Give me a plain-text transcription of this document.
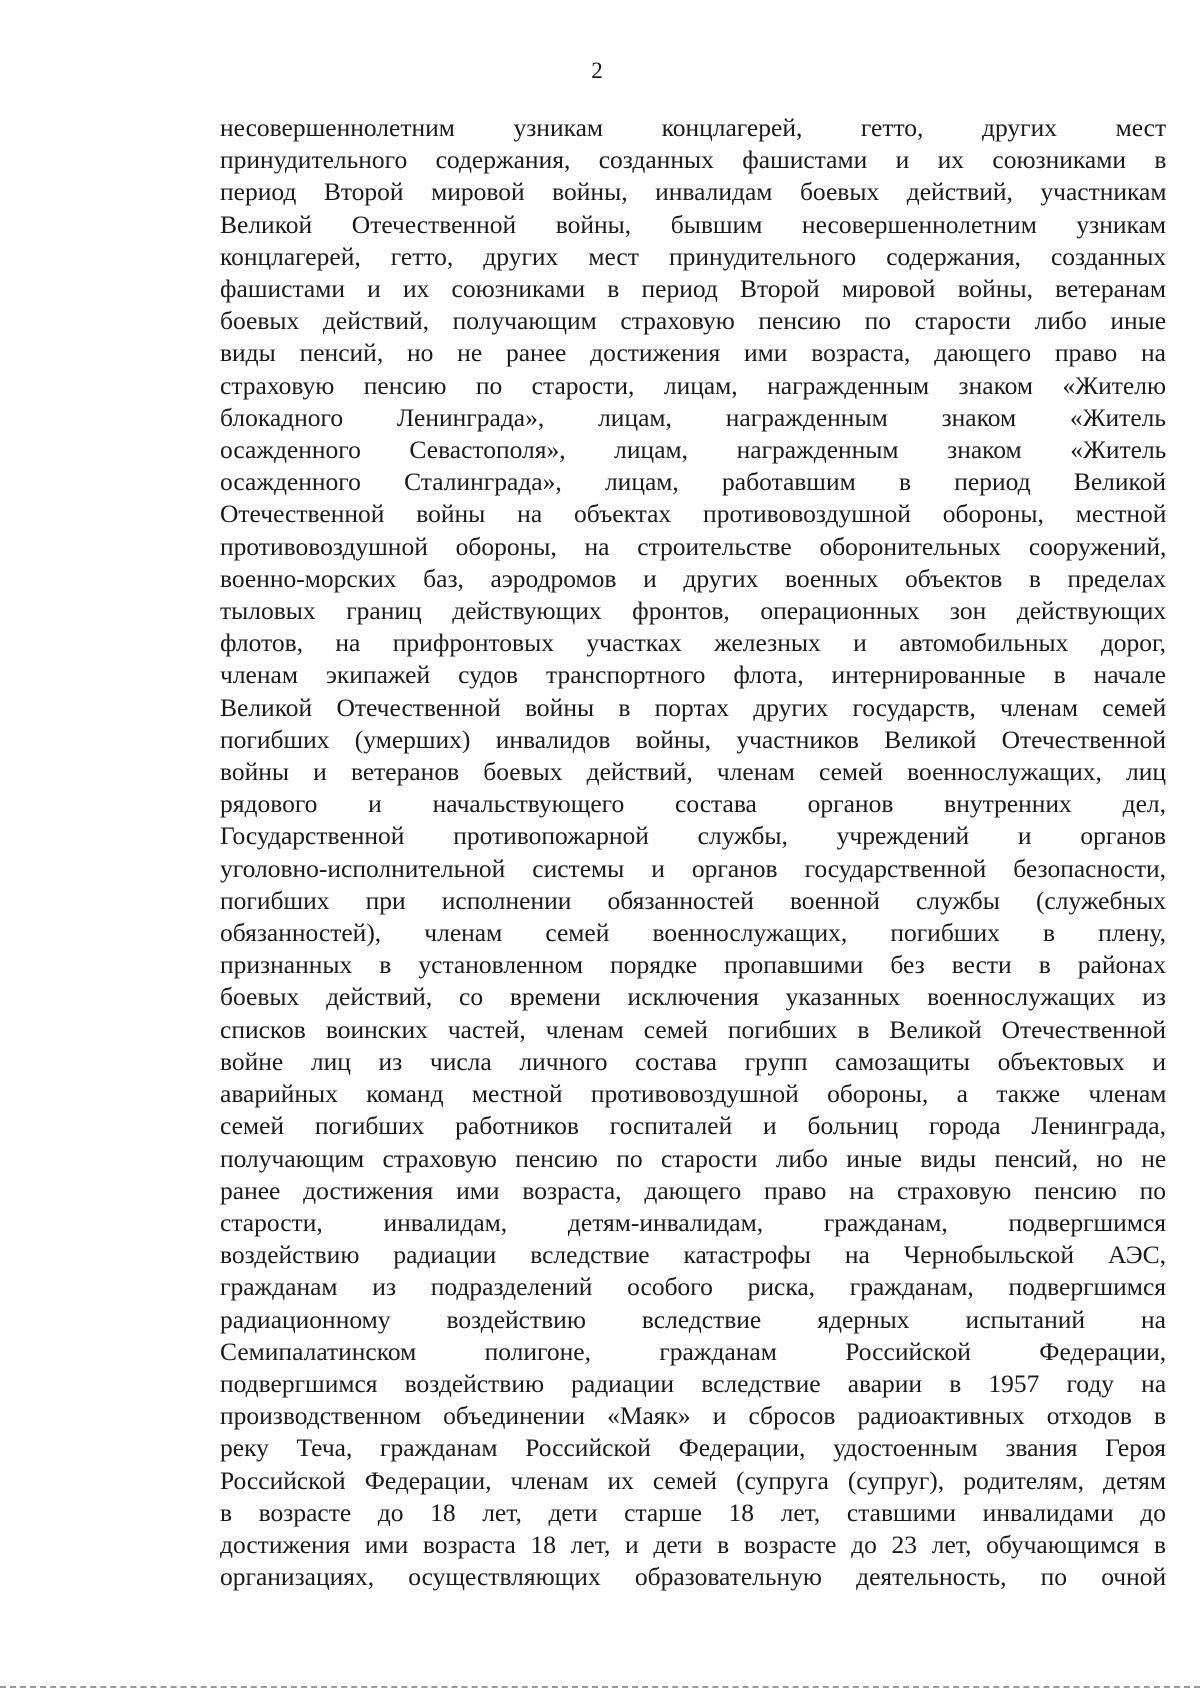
2
несовершеннолетним узникам концлагерей, гетто, других мест
принудительного содержания, созданных фашистами и их союзниками в
период Второй мировой войны, инвалидам боевых действий, участникам
Великой Отечественной войны, бывшим несовершеннолетним узникам
концлагерей, гетто, других мест принудительного содержания, созданных
фашистами и их союзниками в период Второй мировой войны, ветеранам
боевых действий, получающим страховую пенсию по старости либо иные
виды пенсий, но не ранее достижения ими возраста, дающего право на
страховую пенсию по старости, лицам, награжденным знаком «Жителю
блокадного Ленинграда», лицам, награжденным знаком «Житель
осажденного Севастополя», лицам, награжденным знаком «Житель
осажденного Сталинграда», лицам, работавшим в период Великой
Отечественной войны на объектах противовоздушной обороны, местной
противовоздушной обороны, на строительстве оборонительных сооружений,
военно-морских баз, аэродромов и других военных объектов в пределах
тыловых границ действующих фронтов, операционных зон действующих
флотов, на прифронтовых участках железных и автомобильных дорог,
членам экипажей судов транспортного флота, интернированные в начале
Великой Отечественной войны в портах других государств, членам семей
погибших (умерших) инвалидов войны, участников Великой Отечественной
войны и ветеранов боевых действий, членам семей военнослужащих, лиц
рядового и начальствующего состава органов внутренних дел,
Государственной противопожарной службы, учреждений и органов
уголовно-исполнительной системы и органов государственной безопасности,
погибших при исполнении обязанностей военной службы (служебных
обязанностей), членам семей военнослужащих, погибших в плену,
признанных в установленном порядке пропавшими без вести в районах
боевых действий, со времени исключения указанных военнослужащих из
списков воинских частей, членам семей погибших в Великой Отечественной
войне лиц из числа личного состава групп самозащиты объектовых и
аварийных команд местной противовоздушной обороны, а также членам
семей погибших работников госпиталей и больниц города Ленинграда,
получающим страховую пенсию по старости либо иные виды пенсий, но не
ранее достижения ими возраста, дающего право на страховую пенсию по
старости, инвалидам, детям-инвалидам, гражданам, подвергшимся
воздействию радиации вследствие катастрофы на Чернобыльской АЭС,
гражданам из подразделений особого риска, гражданам, подвергшимся
радиационному воздействию вследствие ядерных испытаний на
Семипалатинском полигоне, гражданам Российской Федерации,
подвергшимся воздействию радиации вследствие аварии в 1957 году на
производственном объединении «Маяк» и сбросов радиоактивных отходов в
реку Теча, гражданам Российской Федерации, удостоенным звания Героя
Российской Федерации, членам их семей (супруга (супруг), родителям, детям
в возрасте до 18 лет, дети старше 18 лет, ставшими инвалидами до
достижения ими возраста 18 лет, и дети в возрасте до 23 лет, обучающимся в
организациях, осуществляющих образовательную деятельность, по очной
